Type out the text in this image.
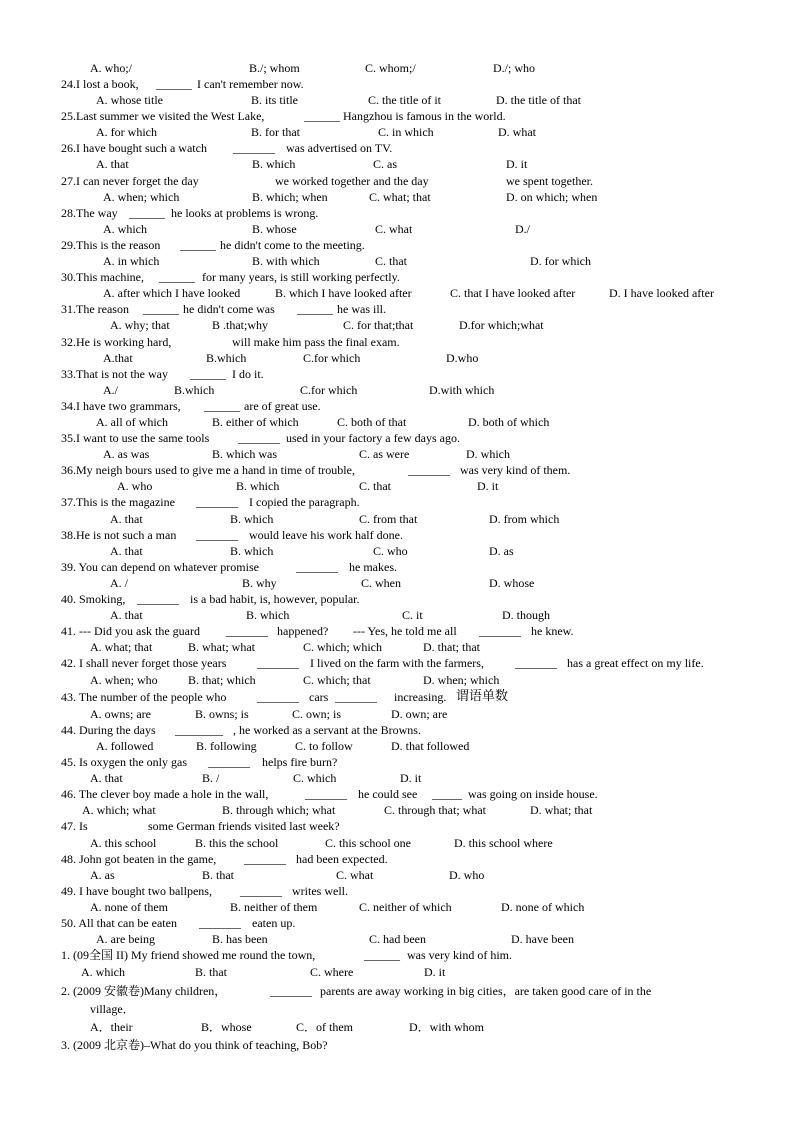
A. who;/	B./; whom	C. whom;/	D./; who
24.I lost a book, ______ I can't remember now.
A. whose title	B. its title	C. the title of it	D. the title of that
25.Last summer we visited the West Lake,	______ Hangzhou is famous in the world.
A. for which	B. for that	C. in which	D. what
26.I have bought such a watch _______ was advertised on TV.
A. that	B. which	C. as	D. it
27.I can never forget the day	we worked together and the day	we spent together.
A. when; which	B. which; when	C. what; that	D. on which; when
28.The way ______ he looks at problems is wrong.
A. which	B. whose	C. what	D./
29.This is the reason ______ he didn't come to the meeting.
A. in which	B. with which	C. that	D. for which
30.This machine, ______ for many years, is still working perfectly.
A. after which I have looked	B. which I have looked after	C. that I have looked after	D. I have looked after
31.The reason ______ he didn't come was ______ he was ill.
A. why; that	B .that;why	C. for that;that	D.for which;what
32.He is working hard,	will make him pass the final exam.
A.that	B.which	C.for which	D.who
33.That is not the way ______ I do it.
A./	B.which	C.for which	D.with which
34.I have two grammars, ______ are of great use.
A. all of which	B. either of which	C. both of that	D. both of which
35.I want to use the same tools _______ used in your factory a few days ago.
A. as was	B. which was	C. as were	D. which
36.My neigh bours used to give me a hand in time of trouble,	_______ was very kind of them.
A. who	B. which	C. that	D. it
37.This is the magazine _______ I copied the paragraph.
A. that	B. which	C. from that	D. from which
38.He is not such a man _______ would leave his work half done.
A. that	B. which	C. who	D. as
39. You can depend on whatever promise	_______ he makes.
A. /	B. why	C. when	D. whose
40. Smoking, _______ is a bad habit, is, however, popular.
A. that	B. which	C. it	D. though
41. --- Did you ask the guard _______ happened? --- Yes, he told me all _______ he knew.
A. what; that	B. what; what	C. which; which	D. that; that
42. I shall never forget those years	_______ I lived on the farm with the farmers,	_______ has a great effect on my life.
A. when; who	B. that; which	C. which; that	D. when; which
43. The number of the people who	_______ cars _______ increasing. 谓语单数
A. owns; are	B. owns; is	C. own; is	D. own; are
44. During the days ________ , he worked as a servant at the Browns.
A. followed	B. following	C. to follow	D. that followed
45. Is oxygen the only gas _______ helps fire burn?
A. that	B. /	C. which	D. it
46. The clever boy made a hole in the wall,	_______ he could see _____ was going on inside house.
A. which; what	B. through which; what	C. through that; what	D. what; that
47. Is	some German friends visited last week?
A. this school	B. this the school	C. this school one	D. this school where
48. John got beaten in the game, _______ had been expected.
A. as	B. that	C. what	D. who
49. I have bought two ballpens, _______ writes well.
A. none of them	B. neither of them	C. neither of which	D. none of which
50. All that can be eaten _______ eaten up.
A. are being	B. has been	C. had been	D. have been
1. (09全国 II) My friend showed me round the town,	______ was very kind of him.
A. which	B. that	C. where	D. it
2. (2009 安徽卷)Many children，	_______ parents are away working in big cities，are taken good care of in the
village．
A．their	B．whose	C．of them	D．with whom
3. (2009 北京卷)–What do you think of teaching, Bob?
